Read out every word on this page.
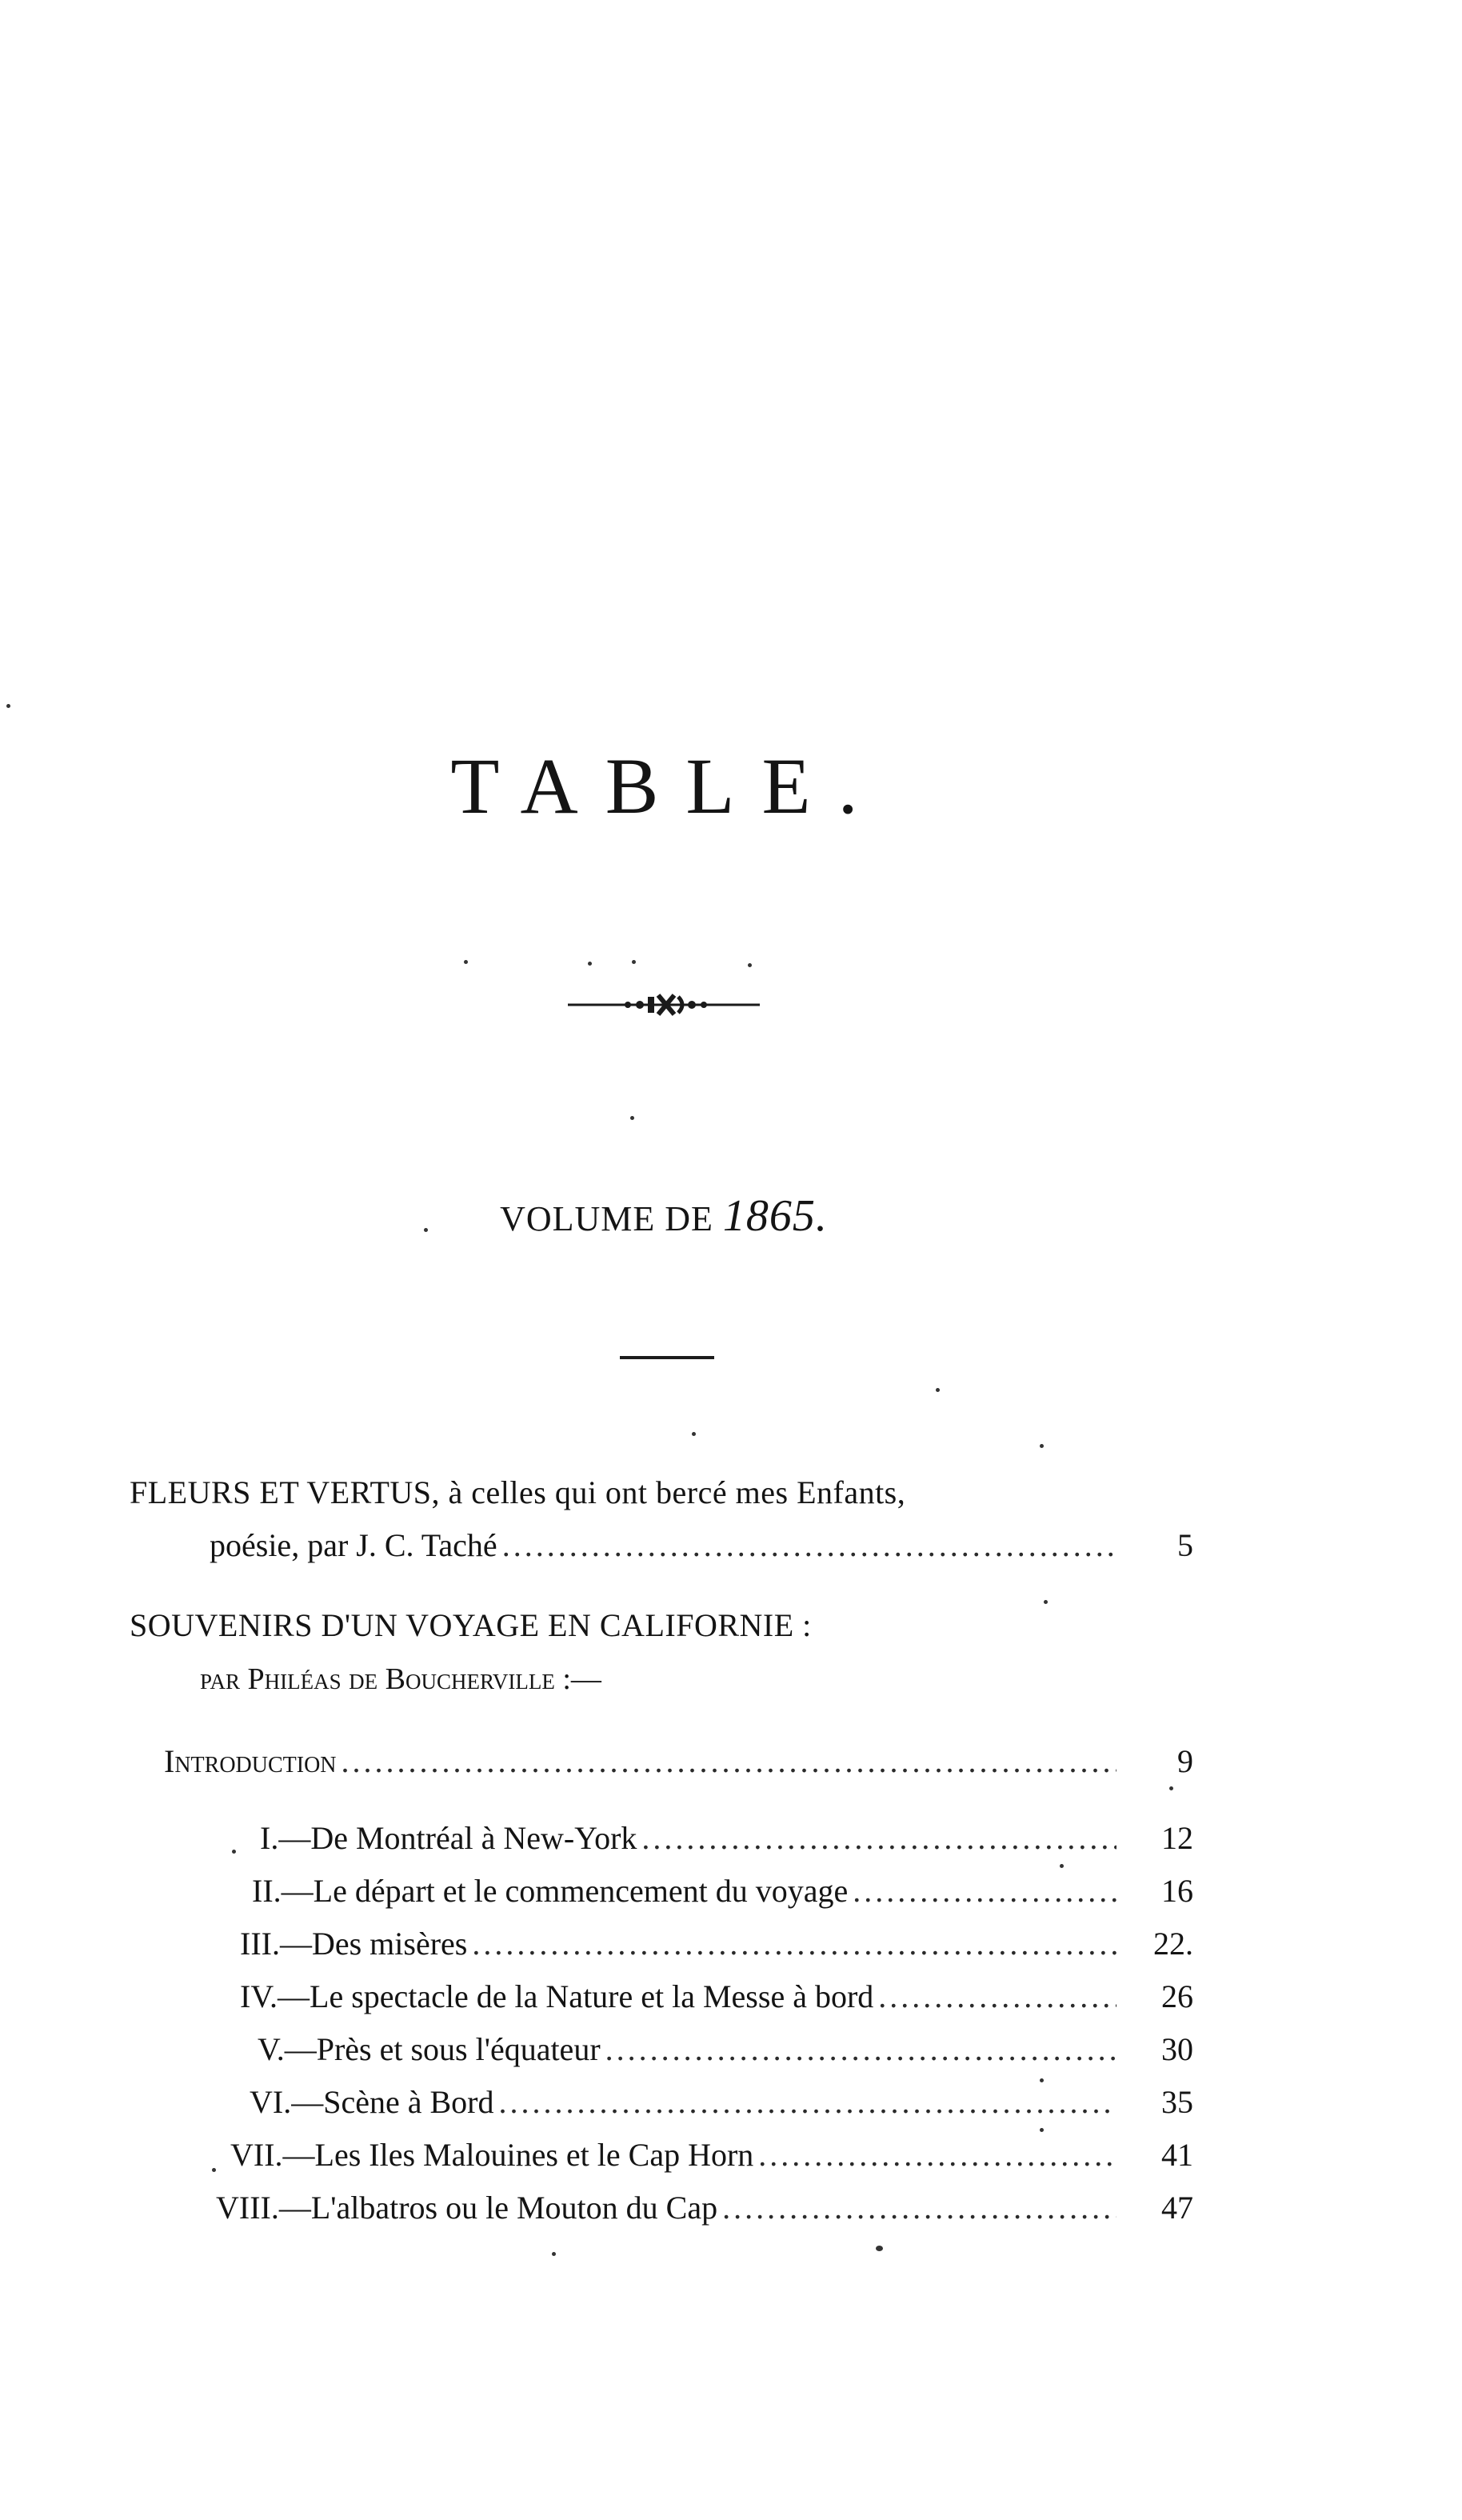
TABLE.
VOLUME DE 1865.
FLEURS ET VERTUS, à celles qui ont bercé mes Enfants,
poésie, par J. C. Taché .....	5
SOUVENIRS D'UN VOYAGE EN CALIFORNIE :
par Philéas de Boucherville :—
Introduction .....	9
I.—De Montréal à New-York .....	12
II.—Le départ et le commencement du voyage .....	16
III.—Des misères .....	22.
IV.—Le spectacle de la Nature et la Messe à bord .....	26
V.—Près et sous l'équateur .....	30
VI.—Scène à Bord .....	35
VII.—Les Iles Malouines et le Cap Horn .....	41
VIII.—L'albatros ou le Mouton du Cap .....	47
